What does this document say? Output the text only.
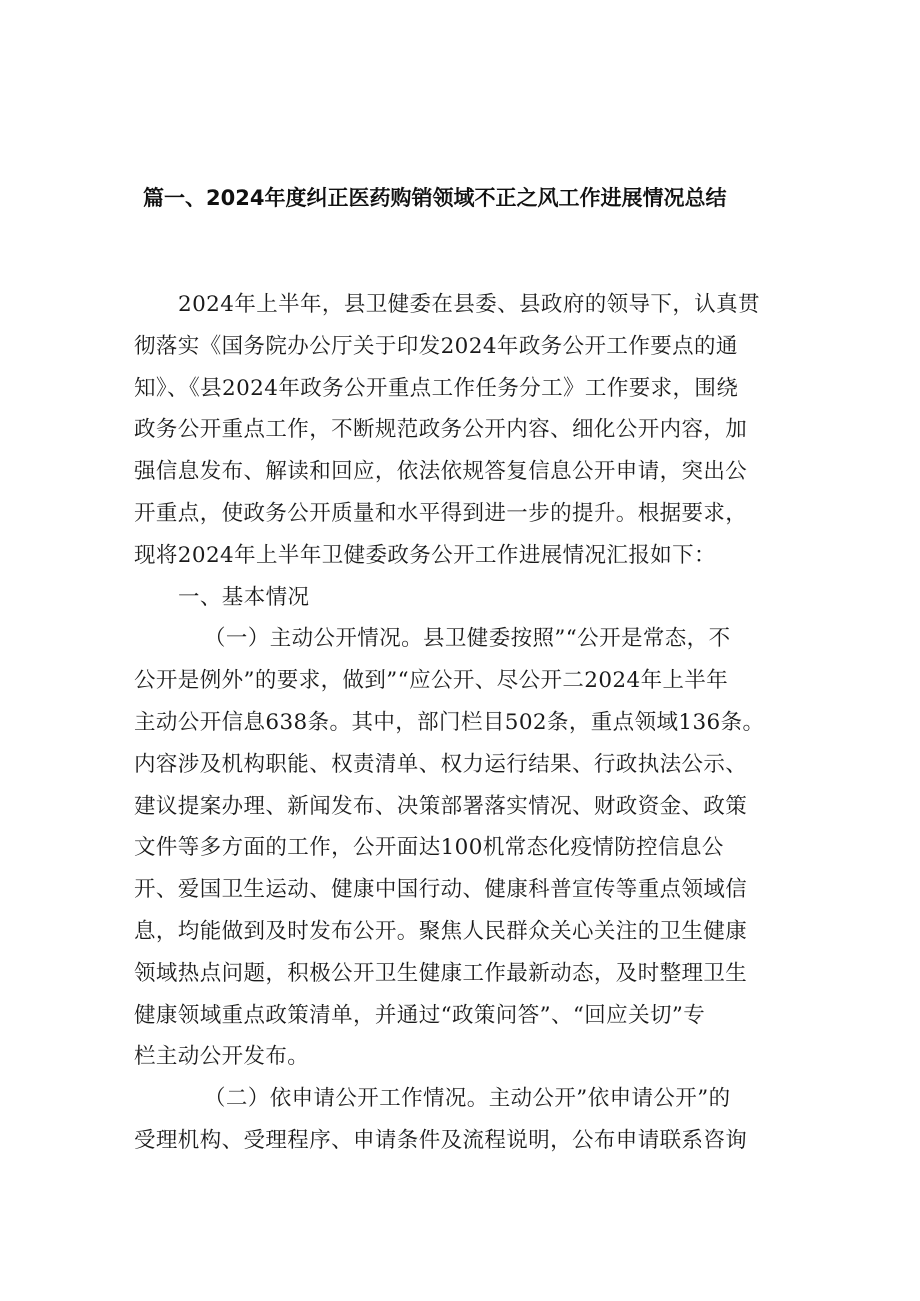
篇一、2024年度纠正医药购销领域不正之风工作进展情况总结
2024年上半年，县卫健委在县委、县政府的领导下，认真贯
彻落实《国务院办公厅关于印发2024年政务公开工作要点的通
知》、《县2024年政务公开重点工作任务分工》工作要求，围绕
政务公开重点工作，不断规范政务公开内容、细化公开内容，加
强信息发布、解读和回应，依法依规答复信息公开申请，突出公
开重点，使政务公开质量和水平得到进一步的提升。根据要求，
现将2024年上半年卫健委政务公开工作进展情况汇报如下：
一、基本情况
（一）主动公开情况。县卫健委按照”“公开是常态，不
公开是例外”的要求，做到”“应公开、尽公开二2024年上半年
主动公开信息638条。其中，部门栏目502条，重点领域136条。
内容涉及机构职能、权责清单、权力运行结果、行政执法公示、
建议提案办理、新闻发布、决策部署落实情况、财政资金、政策
文件等多方面的工作，公开面达100机常态化疫情防控信息公
开、爱国卫生运动、健康中国行动、健康科普宣传等重点领域信
息，均能做到及时发布公开。聚焦人民群众关心关注的卫生健康
领域热点问题，积极公开卫生健康工作最新动态，及时整理卫生
健康领域重点政策清单，并通过“政策问答”、“回应关切”专
栏主动公开发布。
（二）依申请公开工作情况。主动公开”依申请公开”的
受理机构、受理程序、申请条件及流程说明，公布申请联系咨询
